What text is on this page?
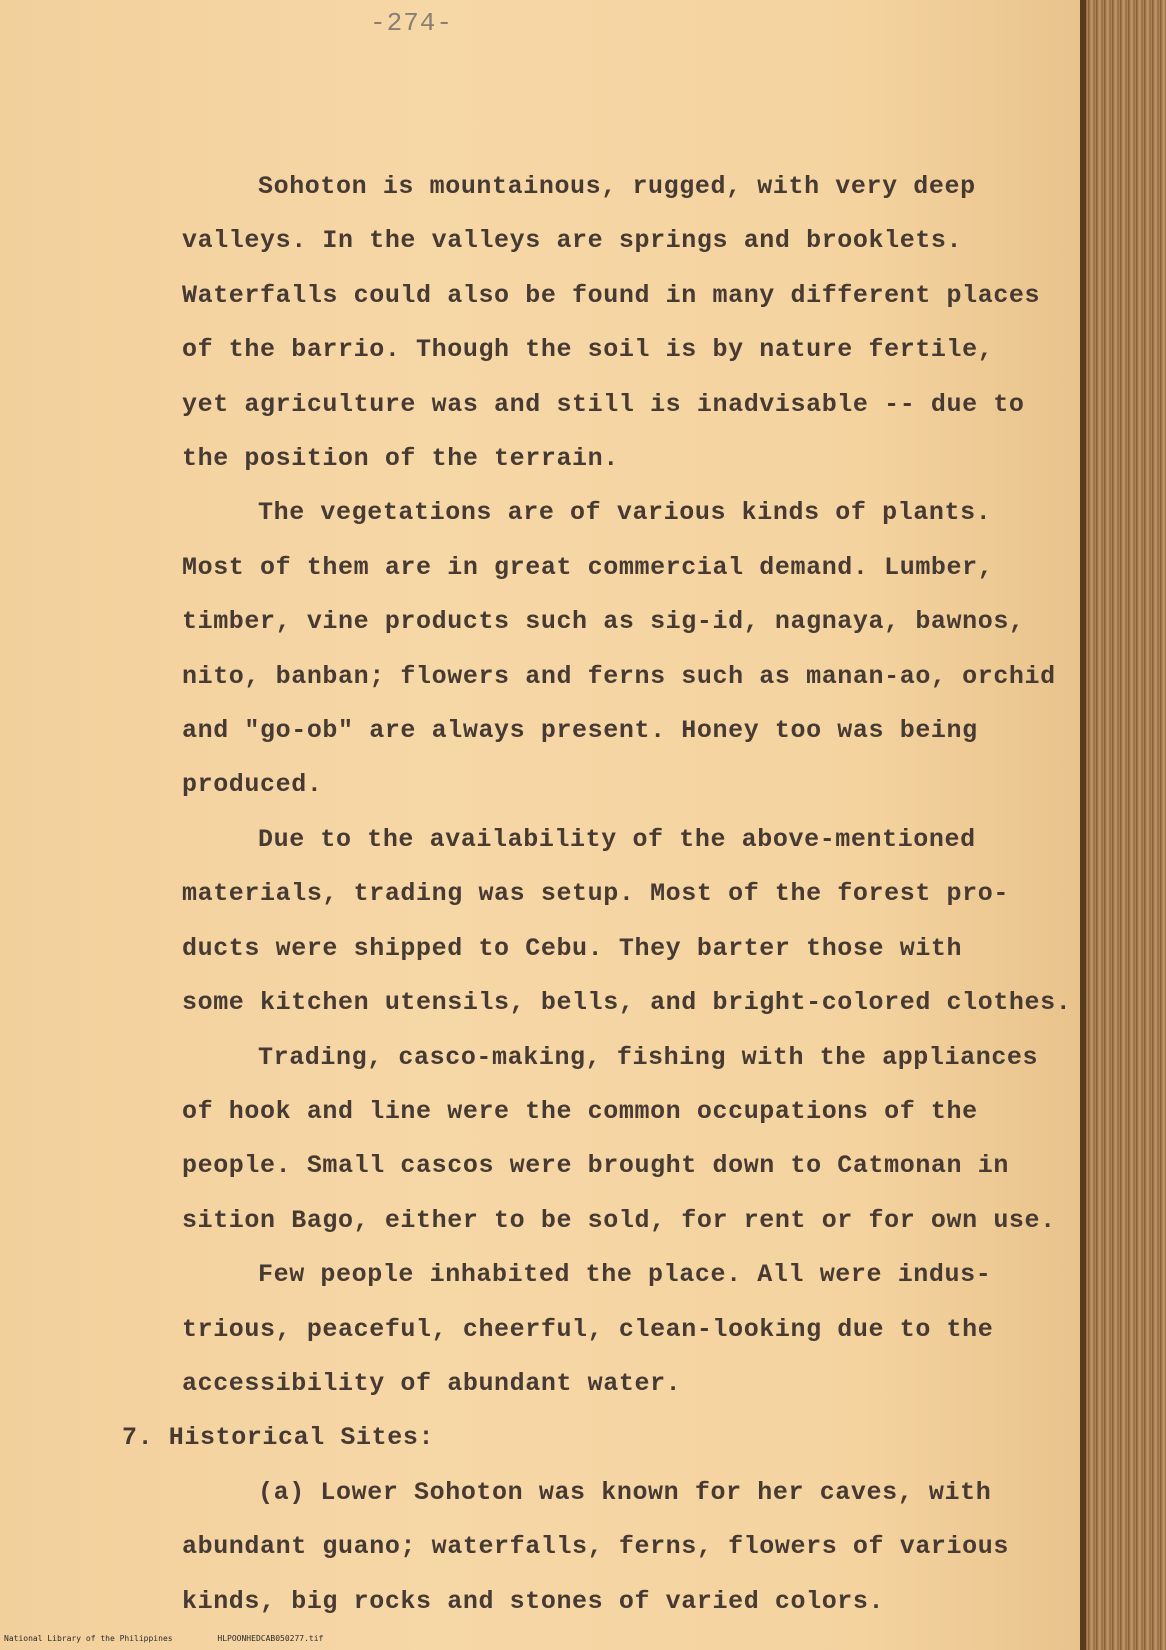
-274-

Sohoton is mountainous, rugged, with very deep
valleys. In the valleys are springs and brooklets.
Waterfalls could also be found in many different places
of the barrio. Though the soil is by nature fertile,
yet agriculture was and still is inadvisable -- due to
the position of the terrain.

The vegetations are of various kinds of plants.
Most of them are in great commercial demand. Lumber,
timber, vine products such as sig-id, nagnaya, bawnos,
nito, banban; flowers and ferns such as manan-ao, orchid
and "go-ob" are always present. Honey too was being
produced.

Due to the availability of the above-mentioned
materials, trading was setup. Most of the forest pro-
ducts were shipped to Cebu. They barter those with
some kitchen utensils, bells, and bright-colored clothes.

Trading, casco-making, fishing with the appliances
of hook and line were the common occupations of the
people. Small cascos were brought down to Catmonan in
sition Bago, either to be sold, for rent or for own use.

Few people inhabited the place. All were indus-
trious, peaceful, cheerful, clean-looking due to the
accessibility of abundant water.

7. Historical Sites:

(a) Lower Sohoton was known for her caves, with
abundant guano; waterfalls, ferns, flowers of various
kinds, big rocks and stones of varied colors.

National Library of the Philippines	HLPOONHEDCAB050277.tif
